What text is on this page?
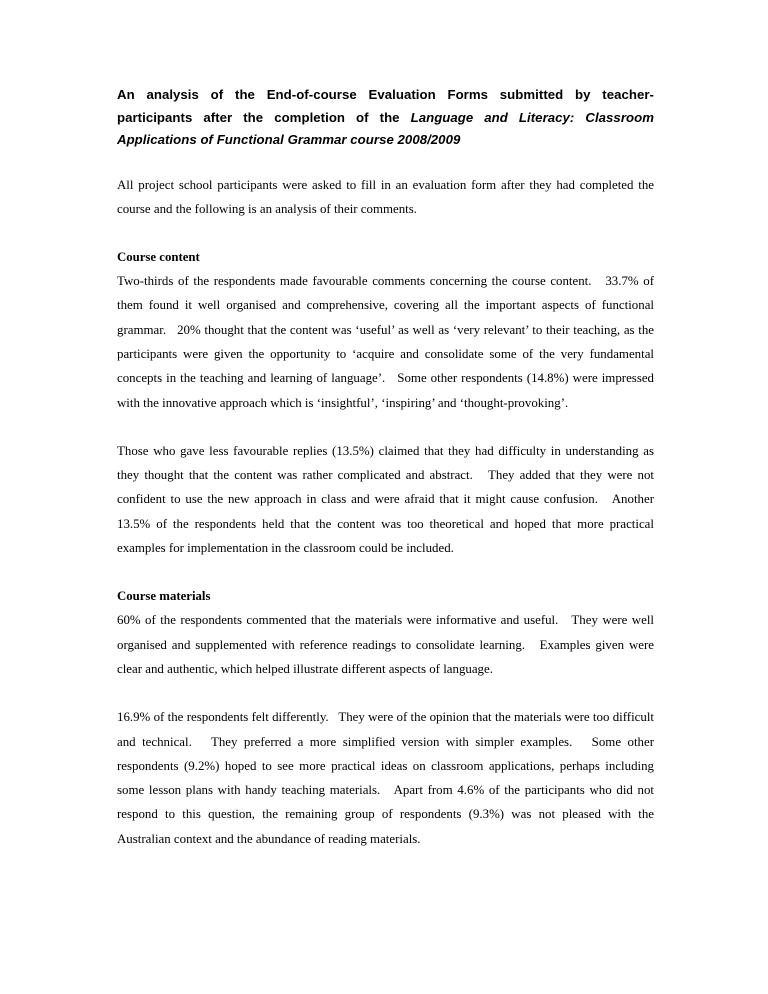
An analysis of the End-of-course Evaluation Forms submitted by teacher-participants after the completion of the Language and Literacy: Classroom Applications of Functional Grammar course 2008/2009

All project school participants were asked to fill in an evaluation form after they had completed the course and the following is an analysis of their comments.

Course content

Two-thirds of the respondents made favourable comments concerning the course content.   33.7% of them found it well organised and comprehensive, covering all the important aspects of functional grammar.   20% thought that the content was ‘useful’ as well as ‘very relevant’ to their teaching, as the participants were given the opportunity to ‘acquire and consolidate some of the very fundamental concepts in the teaching and learning of language’.   Some other respondents (14.8%) were impressed with the innovative approach which is ‘insightful’, ‘inspiring’ and ‘thought-provoking’.

Those who gave less favourable replies (13.5%) claimed that they had difficulty in understanding as they thought that the content was rather complicated and abstract.   They added that they were not confident to use the new approach in class and were afraid that it might cause confusion.   Another 13.5% of the respondents held that the content was too theoretical and hoped that more practical examples for implementation in the classroom could be included.

Course materials

60% of the respondents commented that the materials were informative and useful.   They were well organised and supplemented with reference readings to consolidate learning.   Examples given were clear and authentic, which helped illustrate different aspects of language.

16.9% of the respondents felt differently.   They were of the opinion that the materials were too difficult and technical.   They preferred a more simplified version with simpler examples.   Some other respondents (9.2%) hoped to see more practical ideas on classroom applications, perhaps including some lesson plans with handy teaching materials.   Apart from 4.6% of the participants who did not respond to this question, the remaining group of respondents (9.3%) was not pleased with the Australian context and the abundance of reading materials.
